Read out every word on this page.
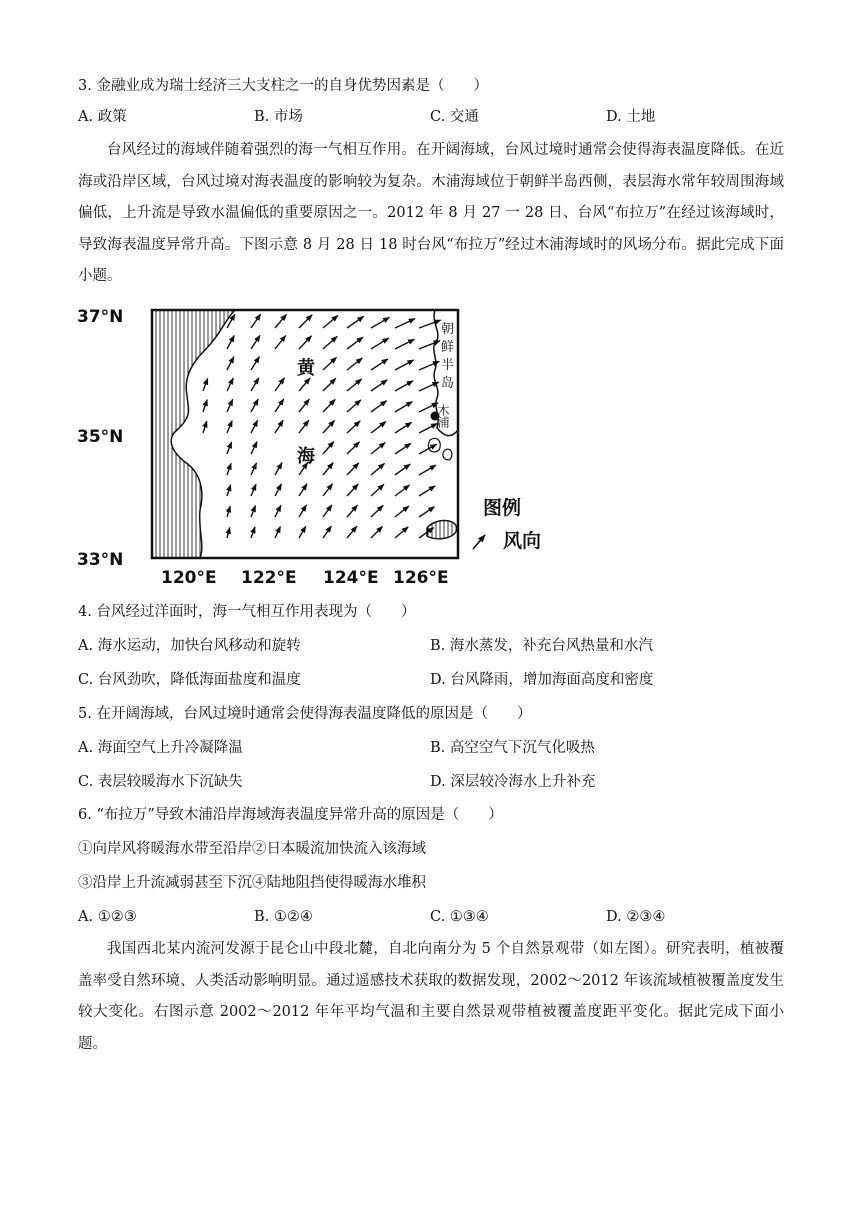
3. 金融业成为瑞士经济三大支柱之一的自身优势因素是（　　）
A. 政策	B. 市场	C. 交通	D. 土地
台风经过的海域伴随着强烈的海一气相互作用。在开阔海域，台风过境时通常会使得海表温度降低。在近海或沿岸区域，台风过境对海表温度的影响较为复杂。木浦海域位于朝鲜半岛西侧，表层海水常年较周围海域偏低，上升流是导致水温偏低的重要原因之一。2012 年 8 月 27 一 28 日、台风“布拉万”在经过该海域时，导致海表温度异常升高。下图示意 8 月 28 日 18 时台风“布拉万”经过木浦海域时的风场分布。据此完成下面小题。
黄
海
朝
鲜
半
岛
木浦
37°N
35°N
33°N
120°E 122°E 124°E 126°E
图例
风向
4. 台风经过洋面时，海一气相互作用表现为（　　）
A. 海水运动，加快台风移动和旋转	B. 海水蒸发，补充台风热量和水汽
C. 台风劲吹，降低海面盐度和温度	D. 台风降雨，增加海面高度和密度
5. 在开阔海域，台风过境时通常会使得海表温度降低的原因是（　　）
A. 海面空气上升冷凝降温	B. 高空空气下沉气化吸热
C. 表层较暖海水下沉缺失	D. 深层较冷海水上升补充
6. “布拉万”导致木浦沿岸海域海表温度异常升高的原因是（　　）
①向岸风将暖海水带至沿岸②日本暖流加快流入该海域
③沿岸上升流减弱甚至下沉④陆地阻挡使得暖海水堆积
A. ①②③	B. ①②④	C. ①③④	D. ②③④
我国西北某内流河发源于昆仑山中段北麓，自北向南分为 5 个自然景观带（如左图）。研究表明，植被覆盖率受自然环境、人类活动影响明显。通过遥感技术获取的数据发现，2002～2012 年该流域植被覆盖度发生较大变化。右图示意 2002～2012 年年平均气温和主要自然景观带植被覆盖度距平变化。据此完成下面小题。
